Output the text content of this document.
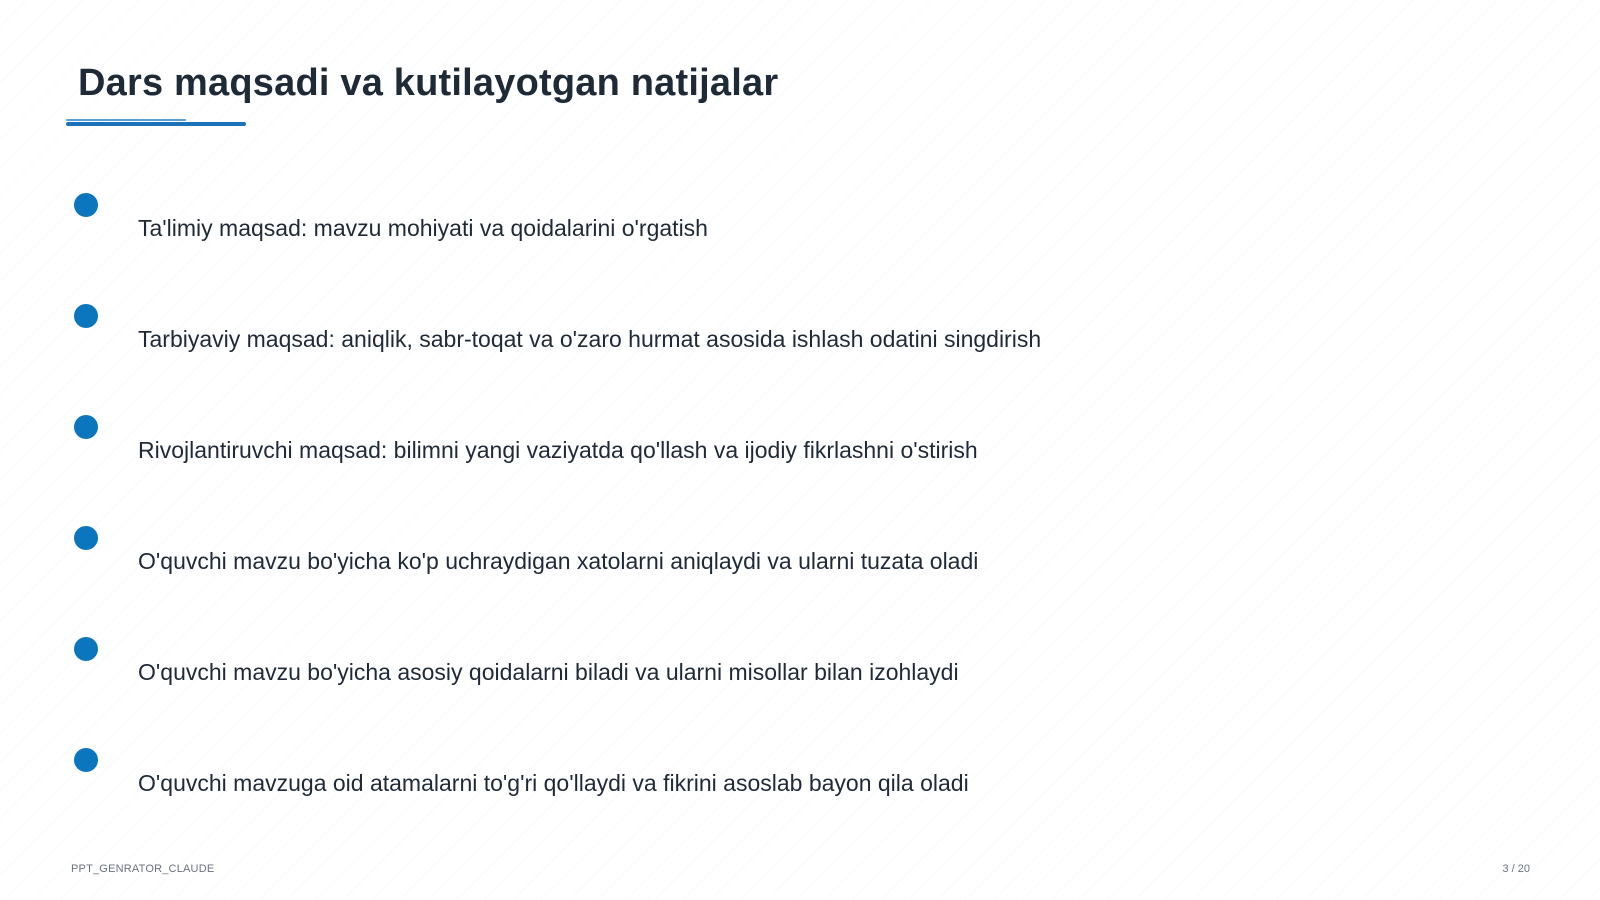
Dars maqsadi va kutilayotgan natijalar
Ta'limiy maqsad: mavzu mohiyati va qoidalarini o'rgatish
Tarbiyaviy maqsad: aniqlik, sabr-toqat va o'zaro hurmat asosida ishlash odatini singdirish
Rivojlantiruvchi maqsad: bilimni yangi vaziyatda qo'llash va ijodiy fikrlashni o'stirish
O'quvchi mavzu bo'yicha ko'p uchraydigan xatolarni aniqlaydi va ularni tuzata oladi
O'quvchi mavzu bo'yicha asosiy qoidalarni biladi va ularni misollar bilan izohlaydi
O'quvchi mavzuga oid atamalarni to'g'ri qo'llaydi va fikrini asoslab bayon qila oladi
PPT_GENRATOR_CLAUDE	3 / 20
